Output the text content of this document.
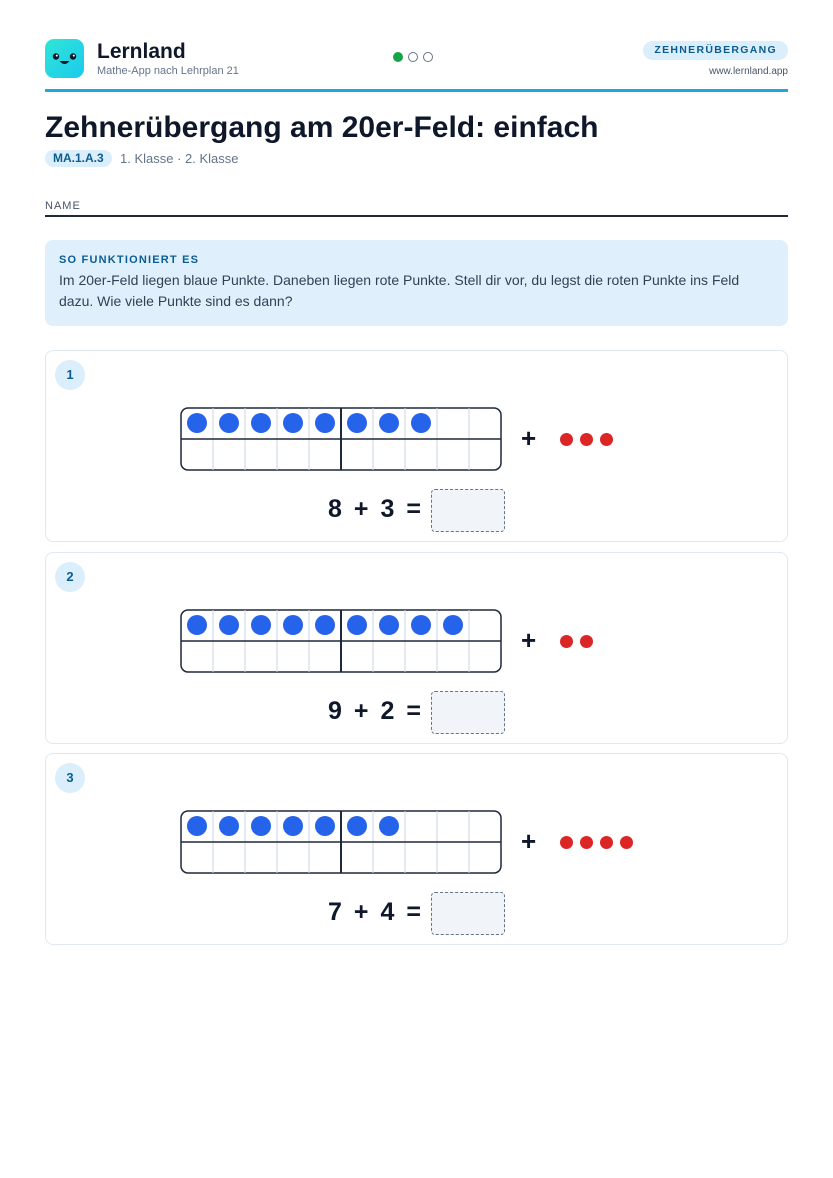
Lernland
Mathe-App nach Lehrplan 21
ZEHNERÜBERGANG
www.lernland.app
Zehnerübergang am 20er-Feld: einfach
MA.1.A.3	1. Klasse · 2. Klasse
NAME
SO FUNKTIONIERT ES
Im 20er-Feld liegen blaue Punkte. Daneben liegen rote Punkte. Stell dir vor, du legst die roten Punkte ins Feld dazu. Wie viele Punkte sind es dann?
1
+
8 + 3 =
2
+
9 + 2 =
3
+
7 + 4 =
